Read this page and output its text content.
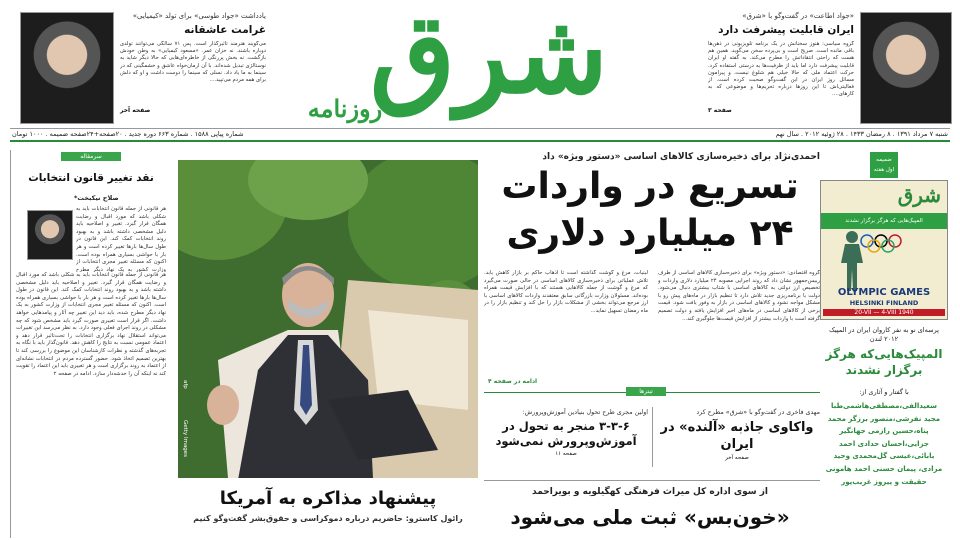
«جواد اطاعت» در گفت‌وگو با «شرق»
ایران قابلیت پیشرفت دارد
گروه سیاسی: هنوز سخنانش در یک برنامه تلویزیونی در ذهن‌ها باقی مانده است. صریح است و بی‌پرده سخن می‌گوید. همین هم هست که راحتی انتقاداتش را مطرح می‌کند. به گفته او ایران قابلیت پیشرفت دارد اما باید از ظرفیت‌ها به درستی استفاده کرد. حرکت اعتماد ملی که حالا خیلی هم شلوغ نیست، و پیرامون مسائل روز ایران در این گفت‌وگو صحبت کرده است. از فعالیتی‌اش تا این روزها درباره تحریم‌ها و موضوعی که به کارهای....
صفحه ۳
شرق
روزنامه
یادداشت «جواد طوسی» برای تولد «کیمیایی»
غرامت عاشقانه
می‌گویند هنرمند تاثیرگذار است. پس ۷۱ سالگی می‌توانند تولدی دوباره باشند. نه خزان عمر. «مسعود کیمیایی» به وطن خودش بازگشت. نه بخش پررنگی از خاطره‌ای‌هایی که حالا دیگر شاید به نوستالژی تبدیل شده‌اند. با آن ارمان‌خواه عاشق و خشمگینی که در سینما به ما یاد داد. نسلی که سینما را دوست داشت و او که دلش برای همه مردم می‌تپید....
صفحه آخر
شنبه ۷ مرداد ۱۳۹۱ . ۸ رمضان ۱۴۳۳ . ۲۸ ژوئیه ۲۰۱۲ . سال نهم
شماره پیاپی ۱۵۸۸ . شماره ۶۶۳ دوره جدید . ۲۰صفحه+۲۴صفحه ضمیمه . ۱۰۰۰ تومان
ضمیمه
اول هفته
شرق
المپیک‌هایی که هرگز برگزار نشدند
OLYMPIC GAMES
HELSINKI FINLAND
20-VII — 4-VIII 1940
پرسه‌ای نو به نفر کاروان ایران در المپیک ۲۰۱۲ لندن
المپیک‌هایی‌که هرگز برگزار نشدند
با گفتار و آثاری از:
سعیدالفی،مصطفی‌هاشمی‌طبا مجید نفرشی،منصور برزگر محمد پناه،حسین رازمی جهانگیر جزایی،احسان حدادی احمد بابائی،عیسی گل‌محمدی وحید مرادی، پیمان حسنی احمد هامونی حقیقت و پیروز غریب‌پور
احمدی‌نژاد برای ذخیره‌سازی کالاهای اساسی «دستور ویژه» داد
تسریع در واردات
۲۴ میلیارد دلاری
گروه اقتصادی: «دستور ویژه» برای ذخیره‌سازی کالاهای اساسی از طرف رییس‌جمهور نشان داد که روند اجرایی مصوبه ۲۴ میلیارد دلاری واردات و تخصیص ارز دولتی به کالاهای اساسی با شتاب بیشتری دنبال می‌شود. دولت با برنامه‌ریزی جدید تلاش دارد تا تنظیم بازار در ماه‌های پیش رو با مشکل مواجه نشود و کالاهای اساسی در بازار به وفور یافت شود. قیمت برخی از کالاهای اساسی در ماه‌های اخیر افزایش یافته و دولت تصمیم گرفته است با واردات بیشتر از افزایش قیمت‌ها جلوگیری کند...
لبنیات، مرغ و گوشت گذاشته است تا اذهاب حاکم بر بازار کاهش یابد. تلاش عملیاتی برای ذخیره‌سازی کالاهای اساسی در حالی صورت می‌گیرد که مرغ و گوشت از جمله کالاهایی هستند که با افزایش قیمت همراه بوده‌اند. مسئولان وزارت بازرگانی سابق معتقدند واردات کالاهای اساسی با ارز مرجع می‌تواند بخشی از مشکلات بازار را حل کند و تنظیم بازار را در ماه رمضان تسهیل نماید...
ادامه در صفحه ۴
تیترها
مهدی فاخری در گفت‌وگو با «شرق» مطرح کرد
واکاوی جاذبه «آلنده» در ایران
صفحه آخر
اولین مجری طرح تحول بنیادین آموزش‌وپرورش:
۳-۳-۶ منجر به تحول در آموزش‌وپرورش نمی‌شود
صفحه ۱۱
از سوی اداره کل میراث فرهنگی کهگیلویه و بویراحمد
«خون‌بس» ثبت ملی می‌شود
Getty Images
afp
پیشنهاد مذاکره به آمریکا
رائول کاسترو: حاضریم درباره دموکراسی و حقوق‌بشر گفت‌وگو کنیم
سرمقاله
نقد تغییر قانون انتخابات
صلاح نیکبخت*
هر قانونی از جمله قانون انتخابات باید به شکلی باشد که مورد اقبال و رضایت همگان قرار گیرد. تغییر و اصلاحیه باید دلیل مشخصی داشته باشد و به بهبود روند انتخابات کمک کند. این قانون در طول سال‌ها بارها تغییر کرده است و هر بار با حواشی بسیاری همراه بوده است. اکنون که مسئله تغییر مجری انتخابات از وزارت کشور به یک نهاد دیگر مطرح
هر قانونی از جمله قانون انتخابات باید به شکلی باشد که مورد اقبال و رضایت همگان قرار گیرد. تغییر و اصلاحیه باید دلیل مشخصی داشته باشد و به بهبود روند انتخابات کمک کند. این قانون در طول سال‌ها بارها تغییر کرده است و هر بار با حواشی بسیاری همراه بوده است. اکنون که مسئله تغییر مجری انتخابات از وزارت کشور به یک نهاد دیگر مطرح شده، باید دید این تغییر چه آثار و پیامدهایی خواهد داشت. اگر قرار است تغییری صورت گیرد باید مشخص شود که چه مشکلی در روند اجرای فعلی وجود دارد. به نظر می‌رسد این تغییرات می‌تواند استقلال نهاد برگزاری انتخابات را تحت‌تاثیر قرار دهد و اعتماد عمومی نسبت به نتایج را کاهش دهد. قانون‌گذار باید با نگاه به تجربه‌های گذشته و نظرات کارشناسان این موضوع را بررسی کند تا بهترین تصمیم اتخاذ شود. حضور گسترده مردم در انتخابات نشانه‌ای از اعتماد به روند برگزاری است و هر تغییری باید این اعتماد را تقویت کند نه اینکه آن را خدشه‌دار سازد. ادامه در صفحه ۲
